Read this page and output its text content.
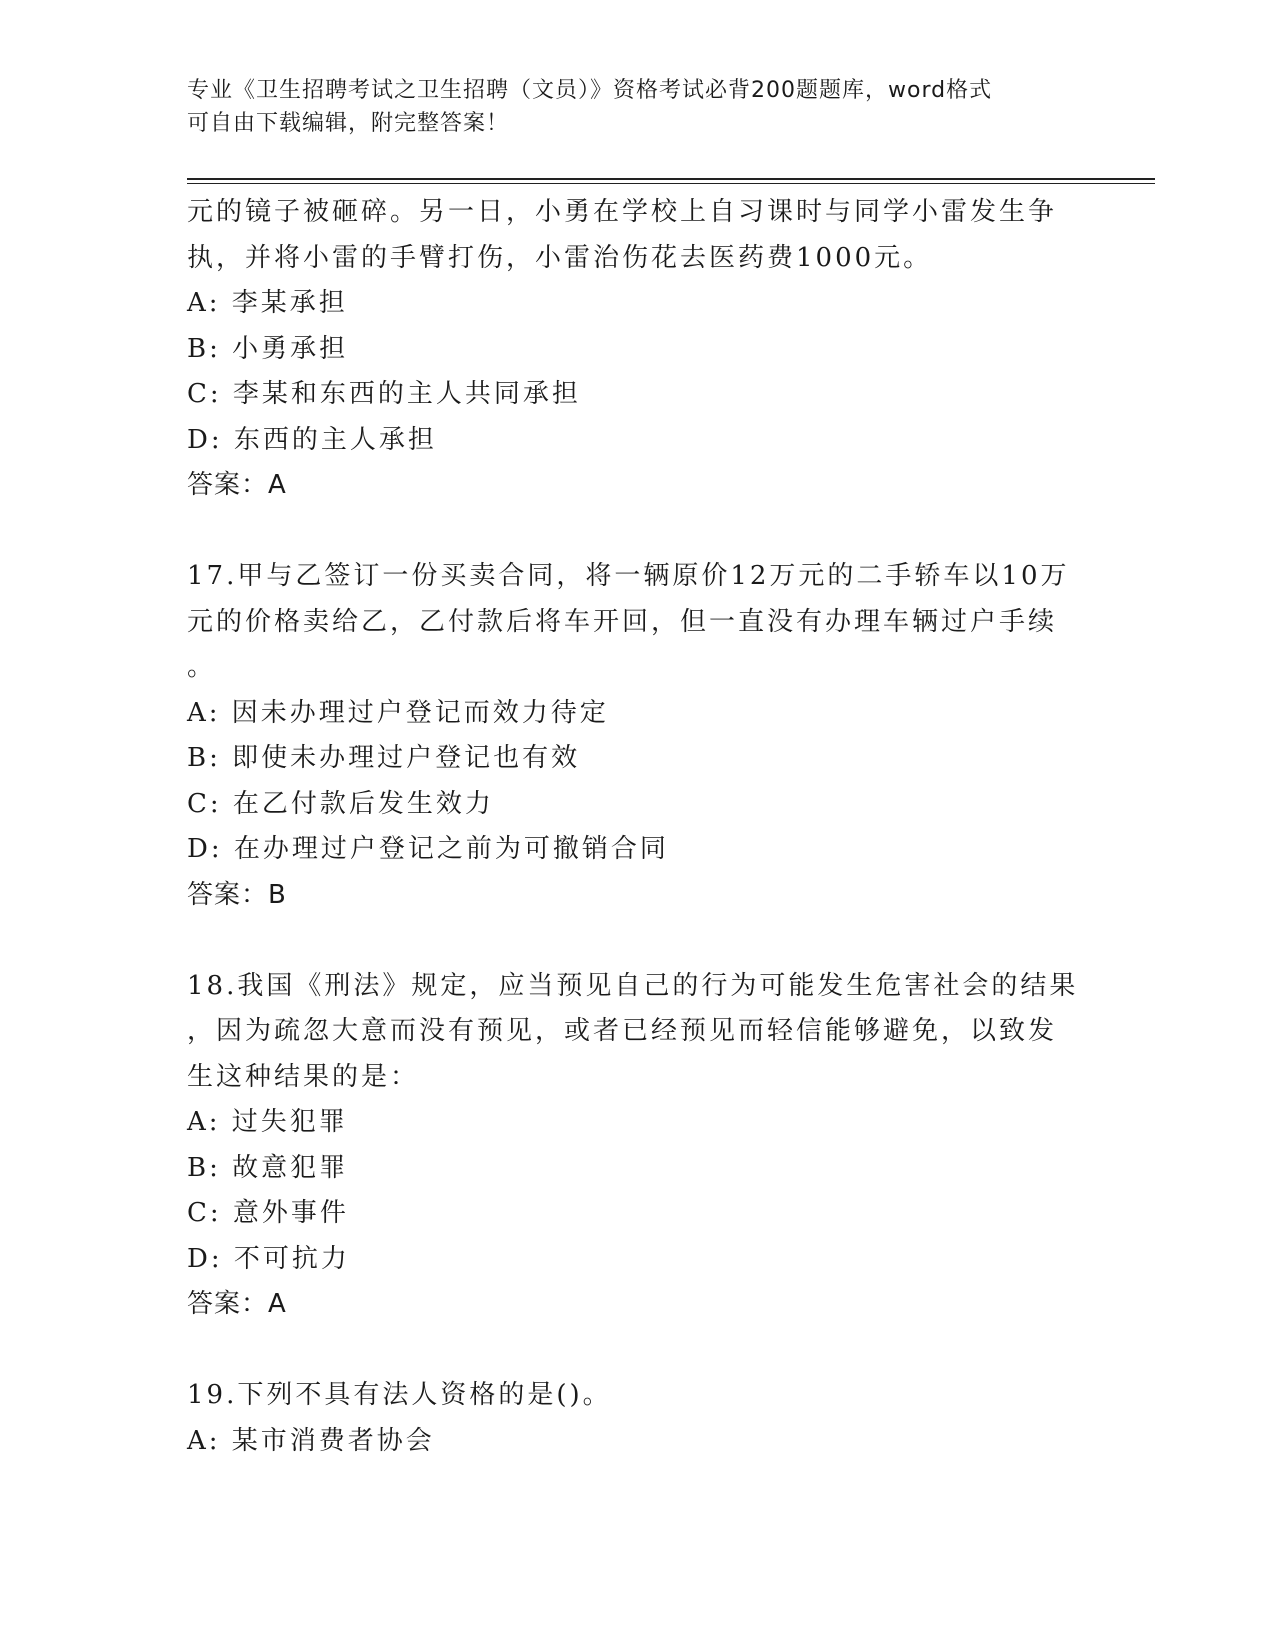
专业《卫生招聘考试之卫生招聘（文员）》资格考试必背200题题库，word格式
可自由下载编辑，附完整答案！
元的镜子被砸碎。另一日，小勇在学校上自习课时与同学小雷发生争
执，并将小雷的手臂打伤，小雷治伤花去医药费1000元。
A: 李某承担
B: 小勇承担
C: 李某和东西的主人共同承担
D: 东西的主人承担
答案：A
17.甲与乙签订一份买卖合同，将一辆原价12万元的二手轿车以10万
元的价格卖给乙，乙付款后将车开回，但一直没有办理车辆过户手续
。
A: 因未办理过户登记而效力待定
B: 即使未办理过户登记也有效
C: 在乙付款后发生效力
D: 在办理过户登记之前为可撤销合同
答案：B
18.我国《刑法》规定，应当预见自己的行为可能发生危害社会的结果
，因为疏忽大意而没有预见，或者已经预见而轻信能够避免，以致发
生这种结果的是：
A: 过失犯罪
B: 故意犯罪
C: 意外事件
D: 不可抗力
答案：A
19.下列不具有法人资格的是()。
A: 某市消费者协会
